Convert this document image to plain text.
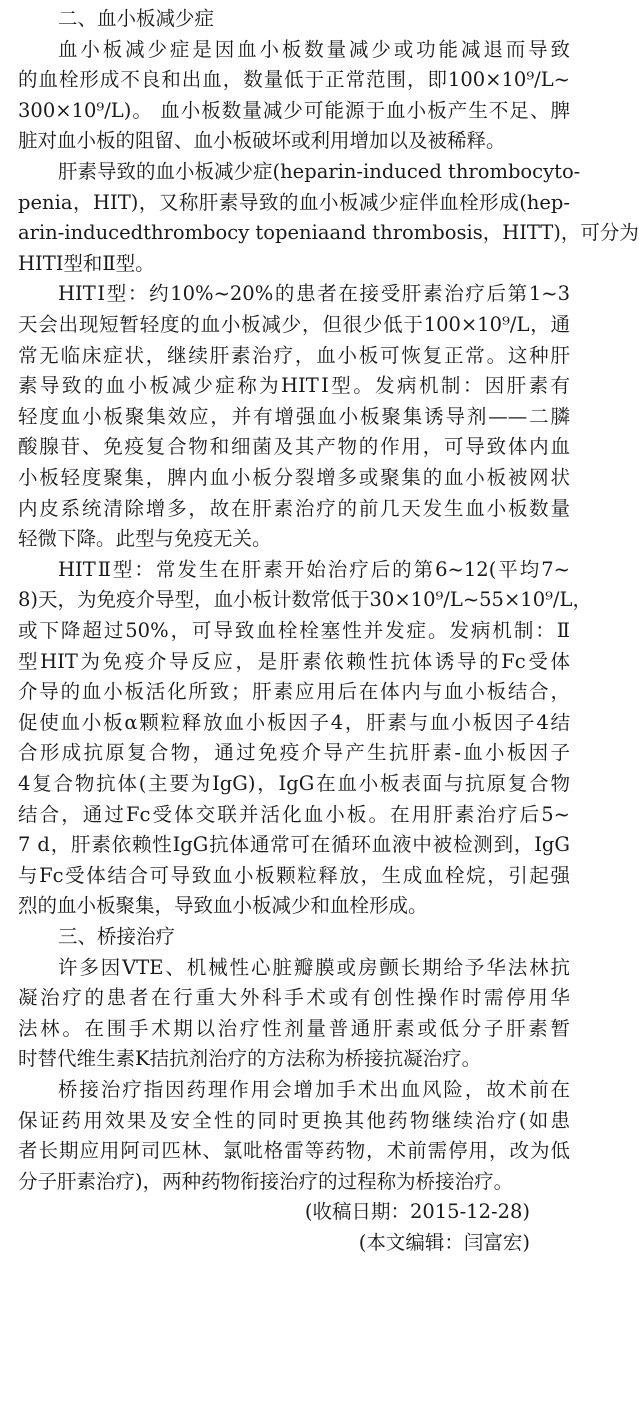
二、血小板减少症
血小板减少症是因血小板数量减少或功能减退而导致
的血栓形成不良和出血，数量低于正常范围，即100×10⁹/L~
300×10⁹/L)。 血小板数量减少可能源于血小板产生不足、脾
脏对血小板的阻留、血小板破坏或利用增加以及被稀释。
肝素导致的血小板减少症(heparin-induced thrombocyto-
penia，HIT)，又称肝素导致的血小板减少症伴血栓形成(hep-
arin-inducedthrombocy topeniaand thrombosis，HITT)，可分为
HITⅠ型和Ⅱ型。
HITⅠ型：约10%~20%的患者在接受肝素治疗后第1~3
天会出现短暂轻度的血小板减少，但很少低于100×10⁹/L，通
常无临床症状，继续肝素治疗，血小板可恢复正常。这种肝
素导致的血小板减少症称为HITⅠ型。发病机制：因肝素有
轻度血小板聚集效应，并有增强血小板聚集诱导剂——二膦
酸腺苷、免疫复合物和细菌及其产物的作用，可导致体内血
小板轻度聚集，脾内血小板分裂增多或聚集的血小板被网状
内皮系统清除增多，故在肝素治疗的前几天发生血小板数量
轻微下降。此型与免疫无关。
HITⅡ型：常发生在肝素开始治疗后的第6~12(平均7~
8)天，为免疫介导型，血小板计数常低于30×10⁹/L~55×10⁹/L，
或下降超过50%，可导致血栓栓塞性并发症。发病机制：Ⅱ
型HIT为免疫介导反应，是肝素依赖性抗体诱导的Fc受体
介导的血小板活化所致；肝素应用后在体内与血小板结合，
促使血小板α颗粒释放血小板因子4，肝素与血小板因子4结
合形成抗原复合物，通过免疫介导产生抗肝素-血小板因子
4复合物抗体(主要为IgG)，IgG在血小板表面与抗原复合物
结合，通过Fc受体交联并活化血小板。在用肝素治疗后5~
7 d，肝素依赖性IgG抗体通常可在循环血液中被检测到，IgG
与Fc受体结合可导致血小板颗粒释放，生成血栓烷，引起强
烈的血小板聚集，导致血小板减少和血栓形成。
三、桥接治疗
许多因VTE、机械性心脏瓣膜或房颤长期给予华法林抗
凝治疗的患者在行重大外科手术或有创性操作时需停用华
法林。在围手术期以治疗性剂量普通肝素或低分子肝素暂
时替代维生素K拮抗剂治疗的方法称为桥接抗凝治疗。
桥接治疗指因药理作用会增加手术出血风险，故术前在
保证药用效果及安全性的同时更换其他药物继续治疗(如患
者长期应用阿司匹林、氯吡格雷等药物，术前需停用，改为低
分子肝素治疗)，两种药物衔接治疗的过程称为桥接治疗。
(收稿日期：2015-12-28)
(本文编辑：闫富宏)
